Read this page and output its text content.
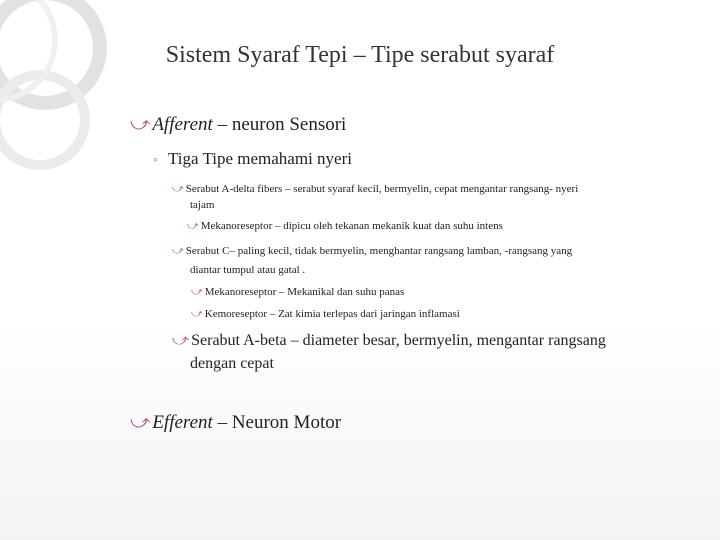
Sistem Syaraf Tepi – Tipe serabut syaraf
⤻ Afferent – neuron Sensori
◦ Tiga Tipe memahami nyeri
⤻ Serabut A-delta fibers – serabut syaraf kecil, bermyelin, cepat mengantar rangsang- nyeri
tajam
⤻ Mekanoreseptor – dipicu oleh tekanan mekanik kuat dan suhu intens
⤻ Serabut C– paling kecil, tidak bermyelin, menghantar rangsang lamban, -rangsang yang
diantar tumpul atau gatal .
⤻ Mekanoreseptor – Mekanikal dan suhu panas
⤻ Kemoreseptor – Zat kimia terlepas dari jaringan inflamasi
⤻ Serabut A-beta – diameter besar, bermyelin, mengantar rangsang
dengan cepat
⤻ Efferent – Neuron Motor
